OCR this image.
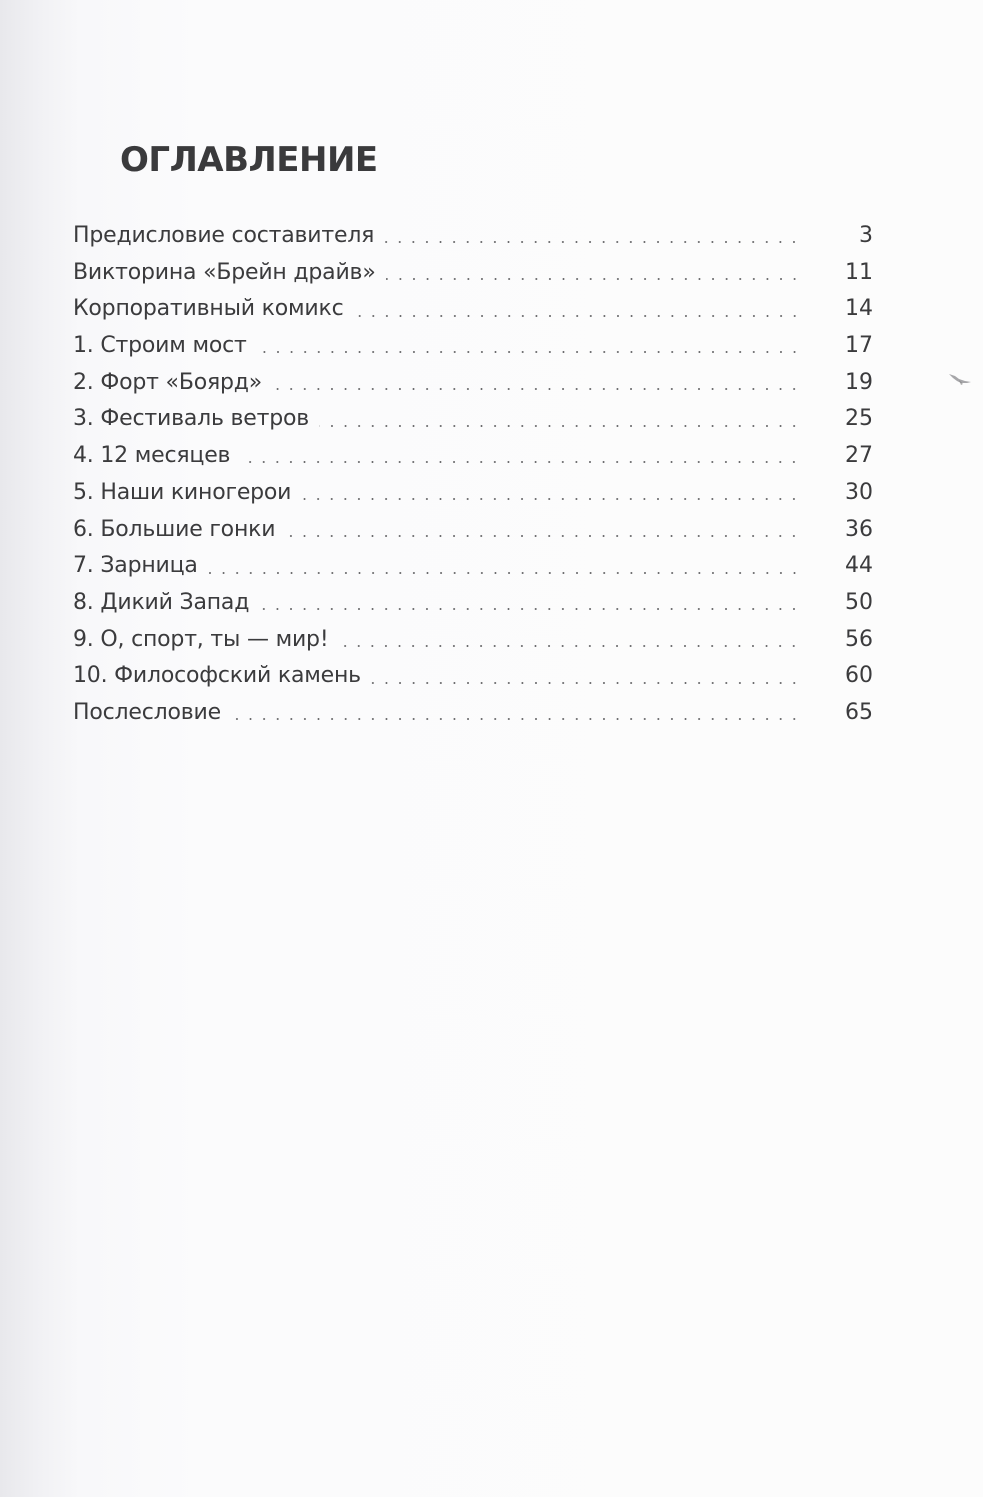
ОГЛАВЛЕНИЕ
Предисловие составителя	3
Викторина «Брейн драйв»	11
Корпоративный комикс	14
1. Строим мост	17
2. Форт «Боярд»	19
3. Фестиваль ветров	25
4. 12 месяцев	27
5. Наши киногерои	30
6. Большие гонки	36
7. Зарница	44
8. Дикий Запад	50
9. О, спорт, ты — мир!	56
10. Философский камень	60
Послесловие	65
